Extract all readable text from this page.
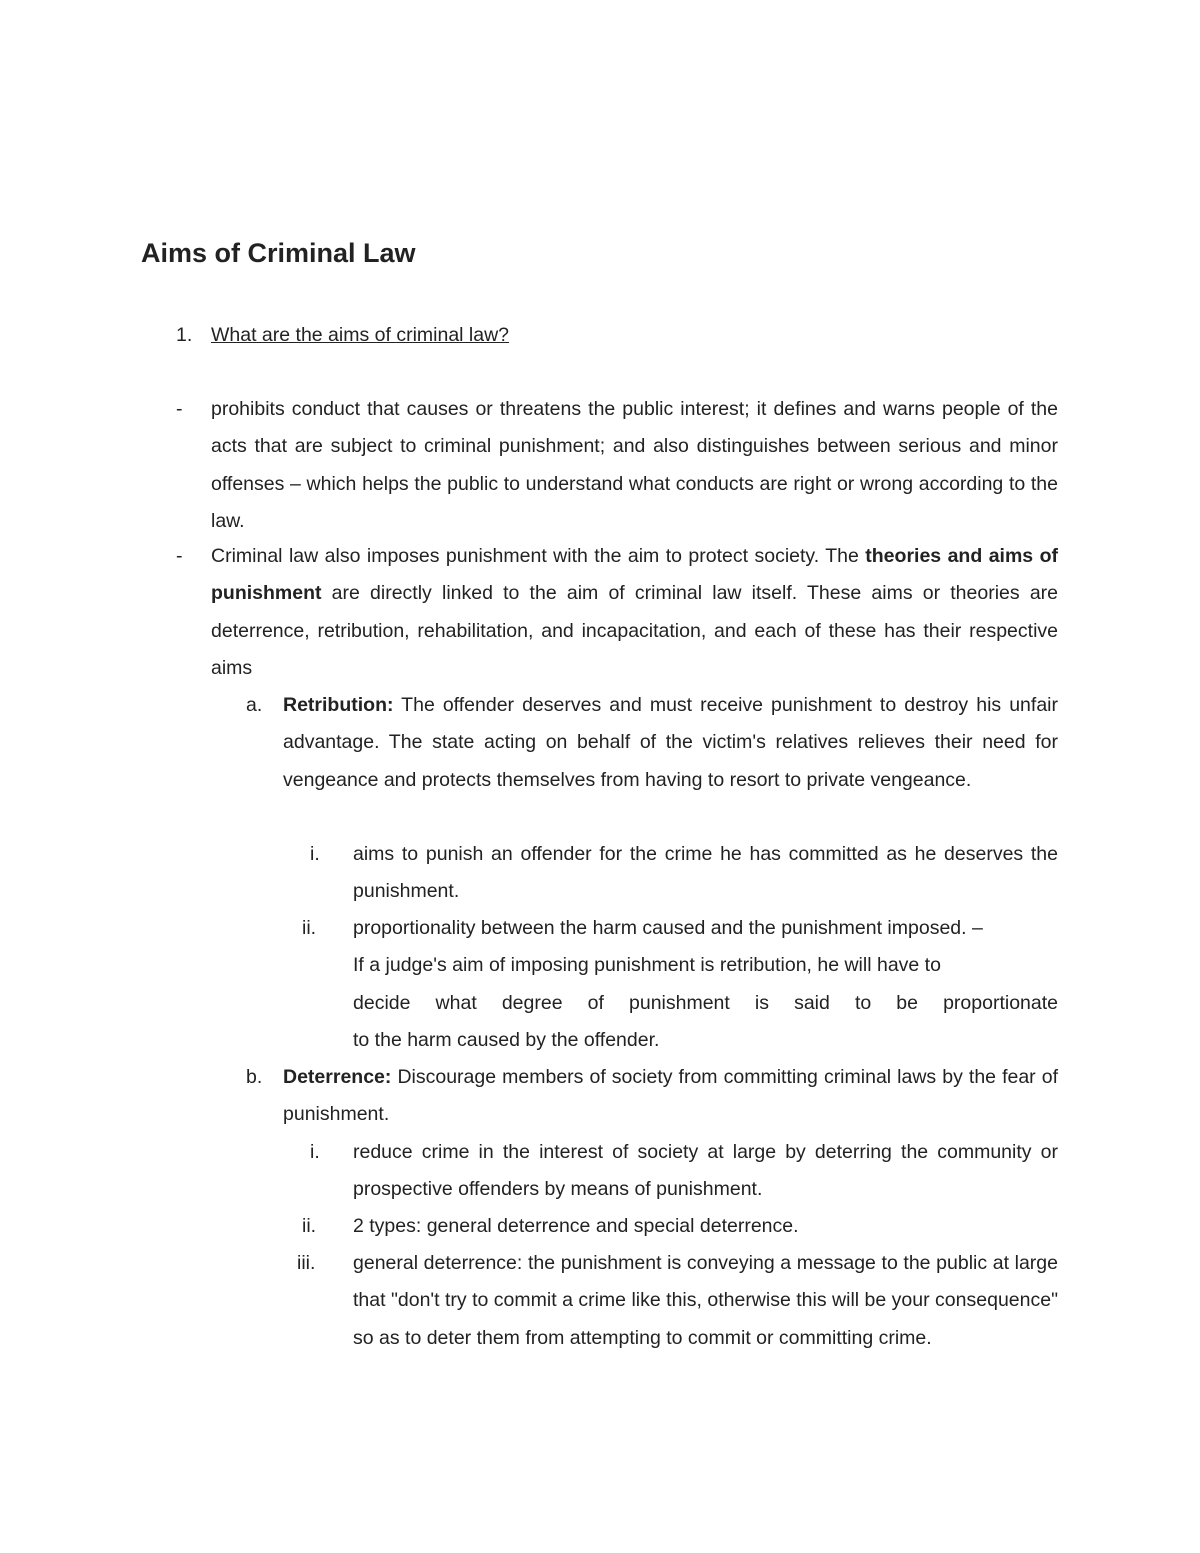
Aims of Criminal Law
1. What are the aims of criminal law?
- prohibits conduct that causes or threatens the public interest; it defines and warns people of the acts that are subject to criminal punishment; and also distinguishes between serious and minor offenses – which helps the public to understand what conducts are right or wrong according to the law.
- Criminal law also imposes punishment with the aim to protect society. The theories and aims of punishment are directly linked to the aim of criminal law itself. These aims or theories are deterrence, retribution, rehabilitation, and incapacitation, and each of these has their respective aims
a. Retribution: The offender deserves and must receive punishment to destroy his unfair advantage. The state acting on behalf of the victim's relatives relieves their need for vengeance and protects themselves from having to resort to private vengeance.
i. aims to punish an offender for the crime he has committed as he deserves the punishment.
ii. proportionality between the harm caused and the punishment imposed. –
If a judge's aim of imposing punishment is retribution, he will have to
decide what degree of punishment is said to be proportionate
to the harm caused by the offender.
b. Deterrence: Discourage members of society from committing criminal laws by the fear of punishment.
i. reduce crime in the interest of society at large by deterring the community or prospective offenders by means of punishment.
ii. 2 types: general deterrence and special deterrence.
iii. general deterrence: the punishment is conveying a message to the public at large that "don't try to commit a crime like this, otherwise this will be your consequence" so as to deter them from attempting to commit or committing crime.
